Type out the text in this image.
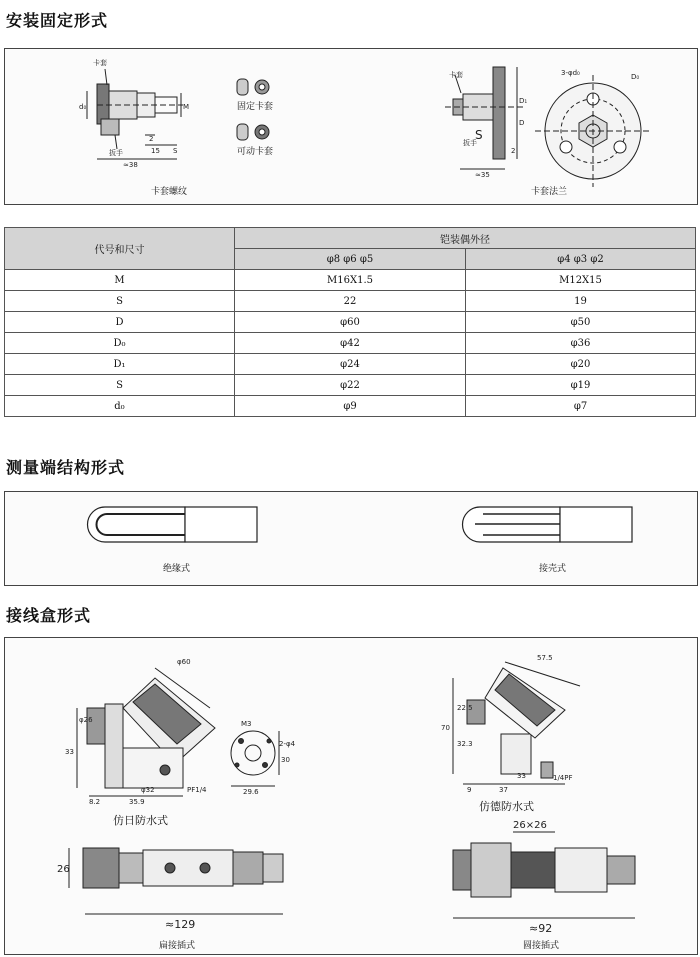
安装固定形式
卡套
扳手
M
d₀
2
15 S
≈38
卡套
扳手
S
2
≈35
D₁
D
3-φd₀	D₀
固定卡套
可动卡套
卡套螺纹	卡套法兰
代号和尺寸	铠装偶外径	
	φ8 φ6 φ5	φ4 φ3 φ2
M	M16X1.5	M12X15
S	22	19
D	φ60	φ50
D₀	φ42	φ36
D₁	φ24	φ20
S	φ22	φ19
d₀	φ9	φ7
测量端结构形式
绝缘式	接壳式
接线盒形式
φ60
M3
2-φ4
30
33
φ26
φ32	PF1/4
8.2	35.9
29.6
57.5
70
22.5
32.3
9	37
33	1/4PF
26
≈129
26×26
≈92
仿日防水式
仿德防水式
扁接插式	圆接插式
